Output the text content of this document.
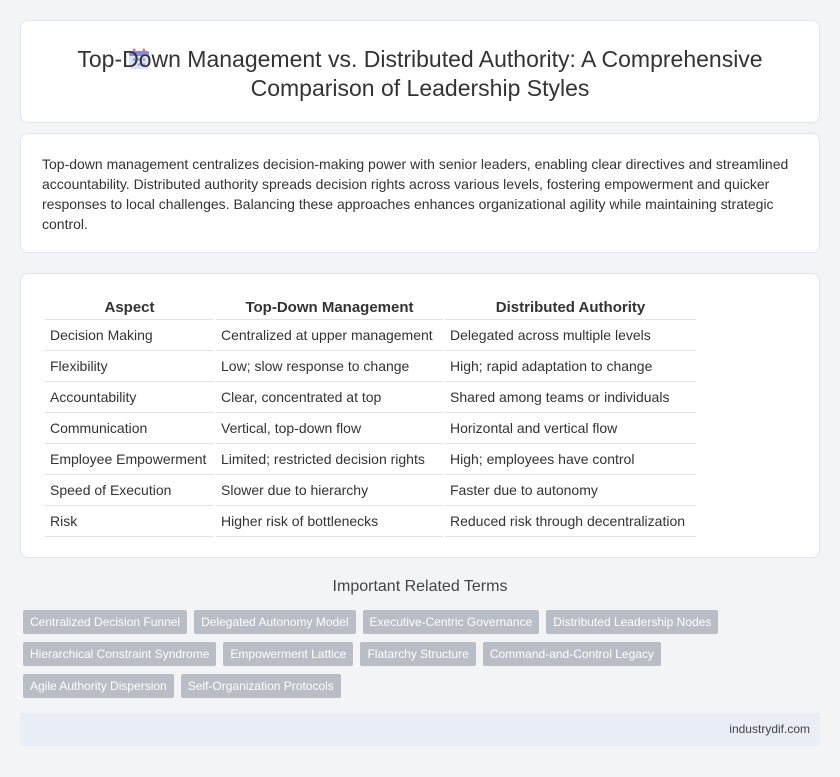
Top-Down Management vs. Distributed Authority: A Comprehensive Comparison of Leadership Styles

Top-down management centralizes decision-making power with senior leaders, enabling clear directives and streamlined accountability. Distributed authority spreads decision rights across various levels, fostering empowerment and quicker responses to local challenges. Balancing these approaches enhances organizational agility while maintaining strategic control.

Aspect	Top-Down Management	Distributed Authority
Decision Making	Centralized at upper management	Delegated across multiple levels
Flexibility	Low; slow response to change	High; rapid adaptation to change
Accountability	Clear, concentrated at top	Shared among teams or individuals
Communication	Vertical, top-down flow	Horizontal and vertical flow
Employee Empowerment	Limited; restricted decision rights	High; employees have control
Speed of Execution	Slower due to hierarchy	Faster due to autonomy
Risk	Higher risk of bottlenecks	Reduced risk through decentralization
Important Related Terms
Centralized Decision Funnel	Delegated Autonomy Model	Executive-Centric Governance	Distributed Leadership Nodes
Hierarchical Constraint Syndrome	Empowerment Lattice	Flatarchy Structure	Command-and-Control Legacy
Agile Authority Dispersion	Self-Organization Protocols
industrydif.com
